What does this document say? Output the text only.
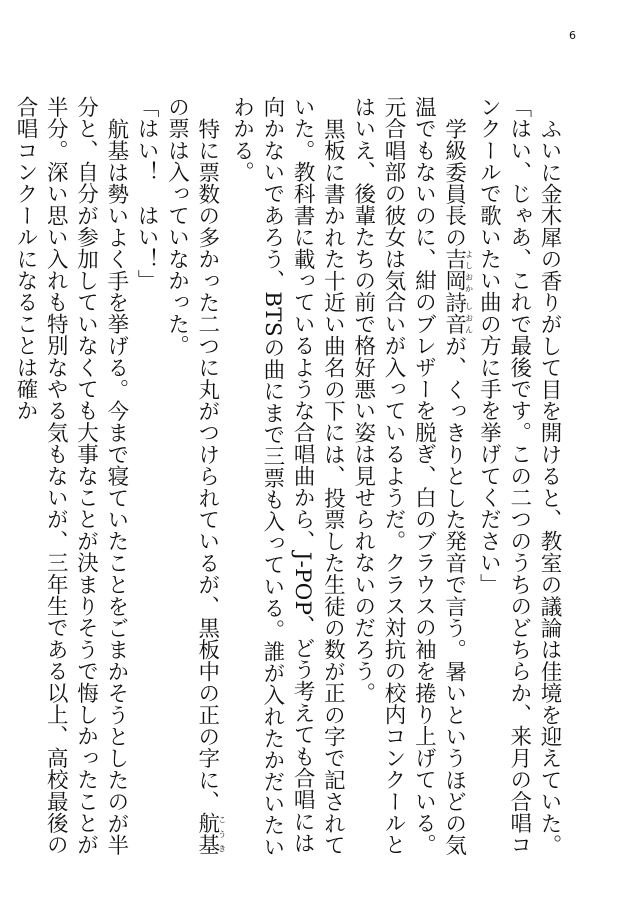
6
ふいに金木犀の香りがして目を開けると、教室の議論は佳境を迎えていた。
「はい、じゃあ、これで最後です。この二つのうちのどちらか、来月の合唱コンクールで歌いたい曲の方に手を挙げてください」
学級委員長の吉岡詩音よしおか しおんが、くっきりとした発音で言う。暑いというほどの気温でもないのに、紺のブレザーを脱ぎ、白のブラウスの袖を捲り上げている。元合唱部の彼女は気合いが入っているようだ。クラス対抗の校内コンクールとはいえ、後輩たちの前で格好悪い姿は見せられないのだろう。
黒板に書かれた十近い曲名の下には、投票した生徒の数が正の字で記されていた。教科書に載っているような合唱曲から、J-POP、どう考えても合唱には向かないであろう、BTSの曲にまで三票も入っている。誰が入れたかだいたいわかる。
特に票数の多かった二つに丸がつけられているが、黒板中の正の字に、航基こうきの票は入っていなかった。
「はい！　はい！」
航基は勢いよく手を挙げる。今まで寝ていたことをごまかそうとしたのが半分と、自分が参加していなくても大事なことが決まりそうで悔しかったことが半分。深い思い入れも特別なやる気もないが、三年生である以上、高校最後の合唱コンクールになることは確か
